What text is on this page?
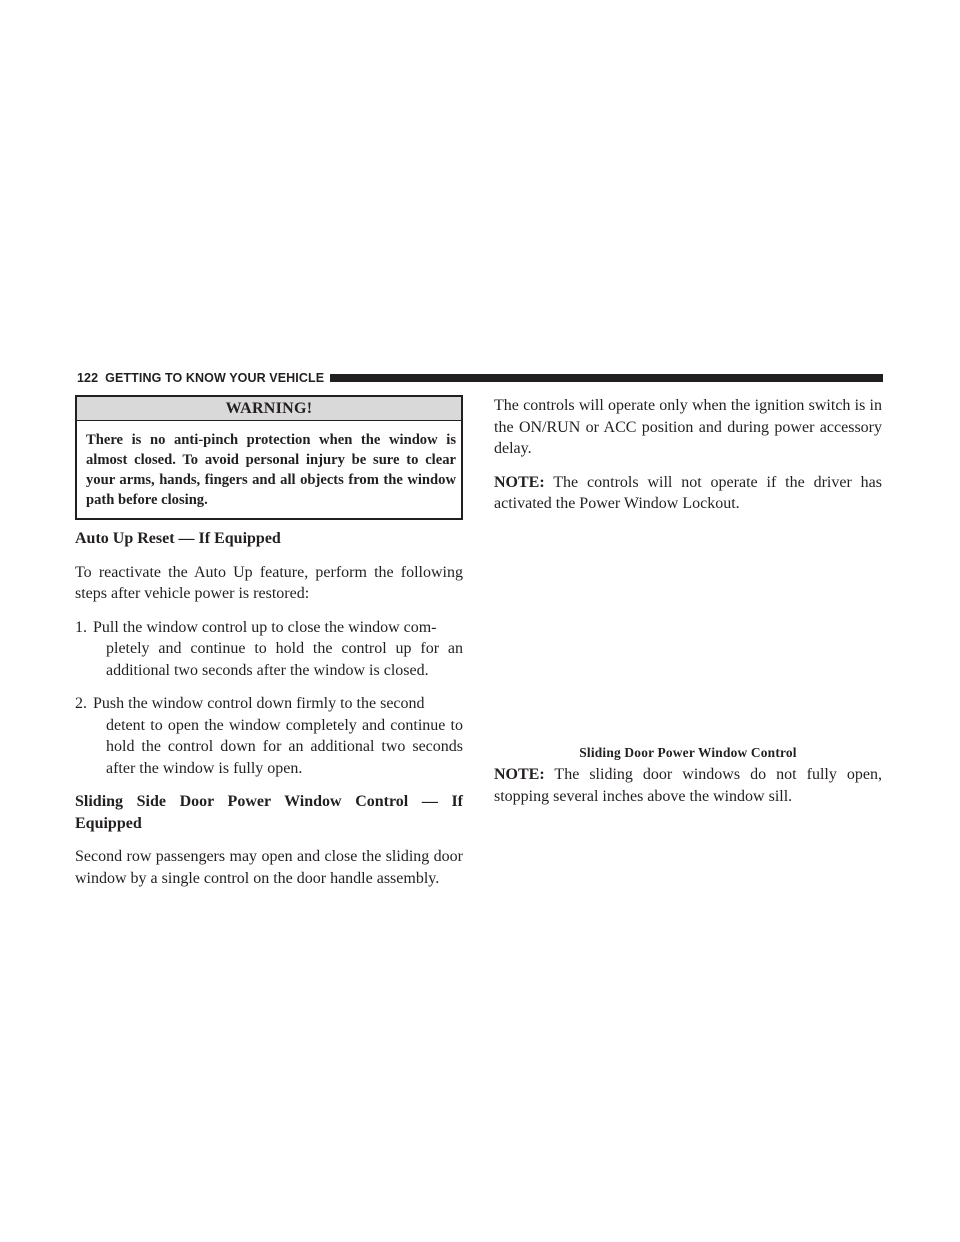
122 GETTING TO KNOW YOUR VEHICLE
WARNING!
There is no anti-pinch protection when the window is almost closed. To avoid personal injury be sure to clear your arms, hands, fingers and all objects from the window path before closing.
Auto Up Reset — If Equipped

To reactivate the Auto Up feature, perform the following steps after vehicle power is restored:

1. Pull the window control up to close the window com-
pletely and continue to hold the control up for an additional two seconds after the window is closed.
2. Push the window control down firmly to the second
detent to open the window completely and continue to hold the control down for an additional two seconds after the window is fully open.
Sliding Side Door Power Window Control — If Equipped

Second row passengers may open and close the sliding door window by a single control on the door handle assembly.

The controls will operate only when the ignition switch is in the ON/RUN or ACC position and during power accessory delay.

NOTE: The controls will not operate if the driver has activated the Power Window Lockout.

Sliding Door Power Window Control

NOTE: The sliding door windows do not fully open, stopping several inches above the window sill.
